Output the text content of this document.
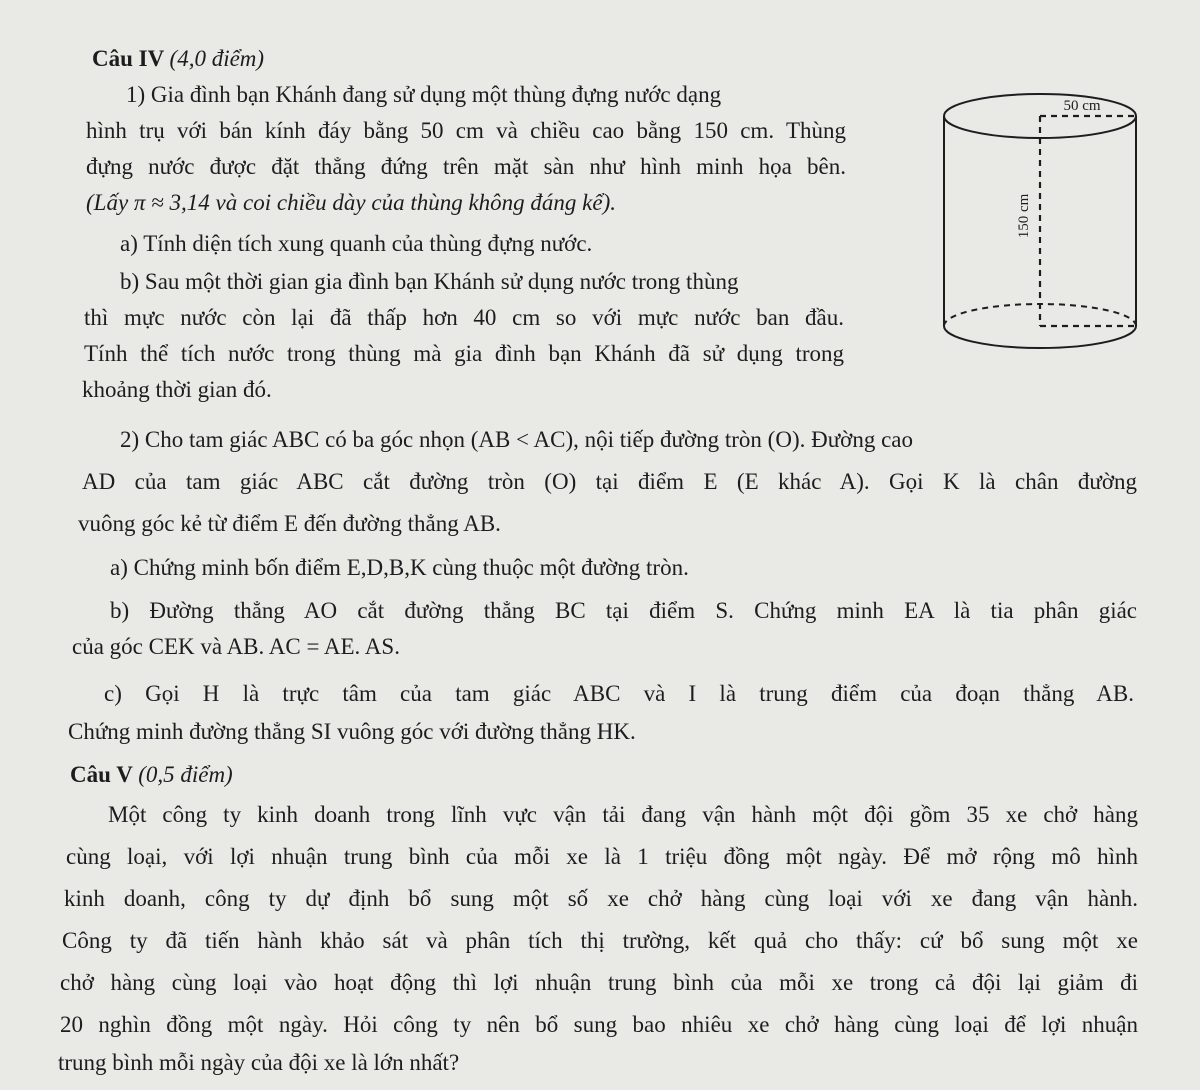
Câu IV (4,0 điểm)
1) Gia đình bạn Khánh đang sử dụng một thùng đựng nước dạng
hình trụ với bán kính đáy bằng 50 cm và chiều cao bằng 150 cm. Thùng
đựng nước được đặt thẳng đứng trên mặt sàn như hình minh họa bên.
(Lấy π ≈ 3,14 và coi chiều dày của thùng không đáng kể).
a) Tính diện tích xung quanh của thùng đựng nước.
b) Sau một thời gian gia đình bạn Khánh sử dụng nước trong thùng
thì mực nước còn lại đã thấp hơn 40 cm so với mực nước ban đầu.
Tính thể tích nước trong thùng mà gia đình bạn Khánh đã sử dụng trong
khoảng thời gian đó.
50 cm
150 cm
2) Cho tam giác ABC có ba góc nhọn (AB < AC), nội tiếp đường tròn (O). Đường cao
AD của tam giác ABC cắt đường tròn (O) tại điểm E (E khác A). Gọi K là chân đường
vuông góc kẻ từ điểm E đến đường thẳng AB.
a) Chứng minh bốn điểm E,D,B,K cùng thuộc một đường tròn.
b) Đường thẳng AO cắt đường thẳng BC tại điểm S. Chứng minh EA là tia phân giác
của góc CEK và AB. AC = AE. AS.
c) Gọi H là trực tâm của tam giác ABC và I là trung điểm của đoạn thẳng AB.
Chứng minh đường thẳng SI vuông góc với đường thẳng HK.
Câu V (0,5 điểm)
Một công ty kinh doanh trong lĩnh vực vận tải đang vận hành một đội gồm 35 xe chở hàng
cùng loại, với lợi nhuận trung bình của mỗi xe là 1 triệu đồng một ngày. Để mở rộng mô hình
kinh doanh, công ty dự định bổ sung một số xe chở hàng cùng loại với xe đang vận hành.
Công ty đã tiến hành khảo sát và phân tích thị trường, kết quả cho thấy: cứ bổ sung một xe
chở hàng cùng loại vào hoạt động thì lợi nhuận trung bình của mỗi xe trong cả đội lại giảm đi
20 nghìn đồng một ngày. Hỏi công ty nên bổ sung bao nhiêu xe chở hàng cùng loại để lợi nhuận
trung bình mỗi ngày của đội xe là lớn nhất?
